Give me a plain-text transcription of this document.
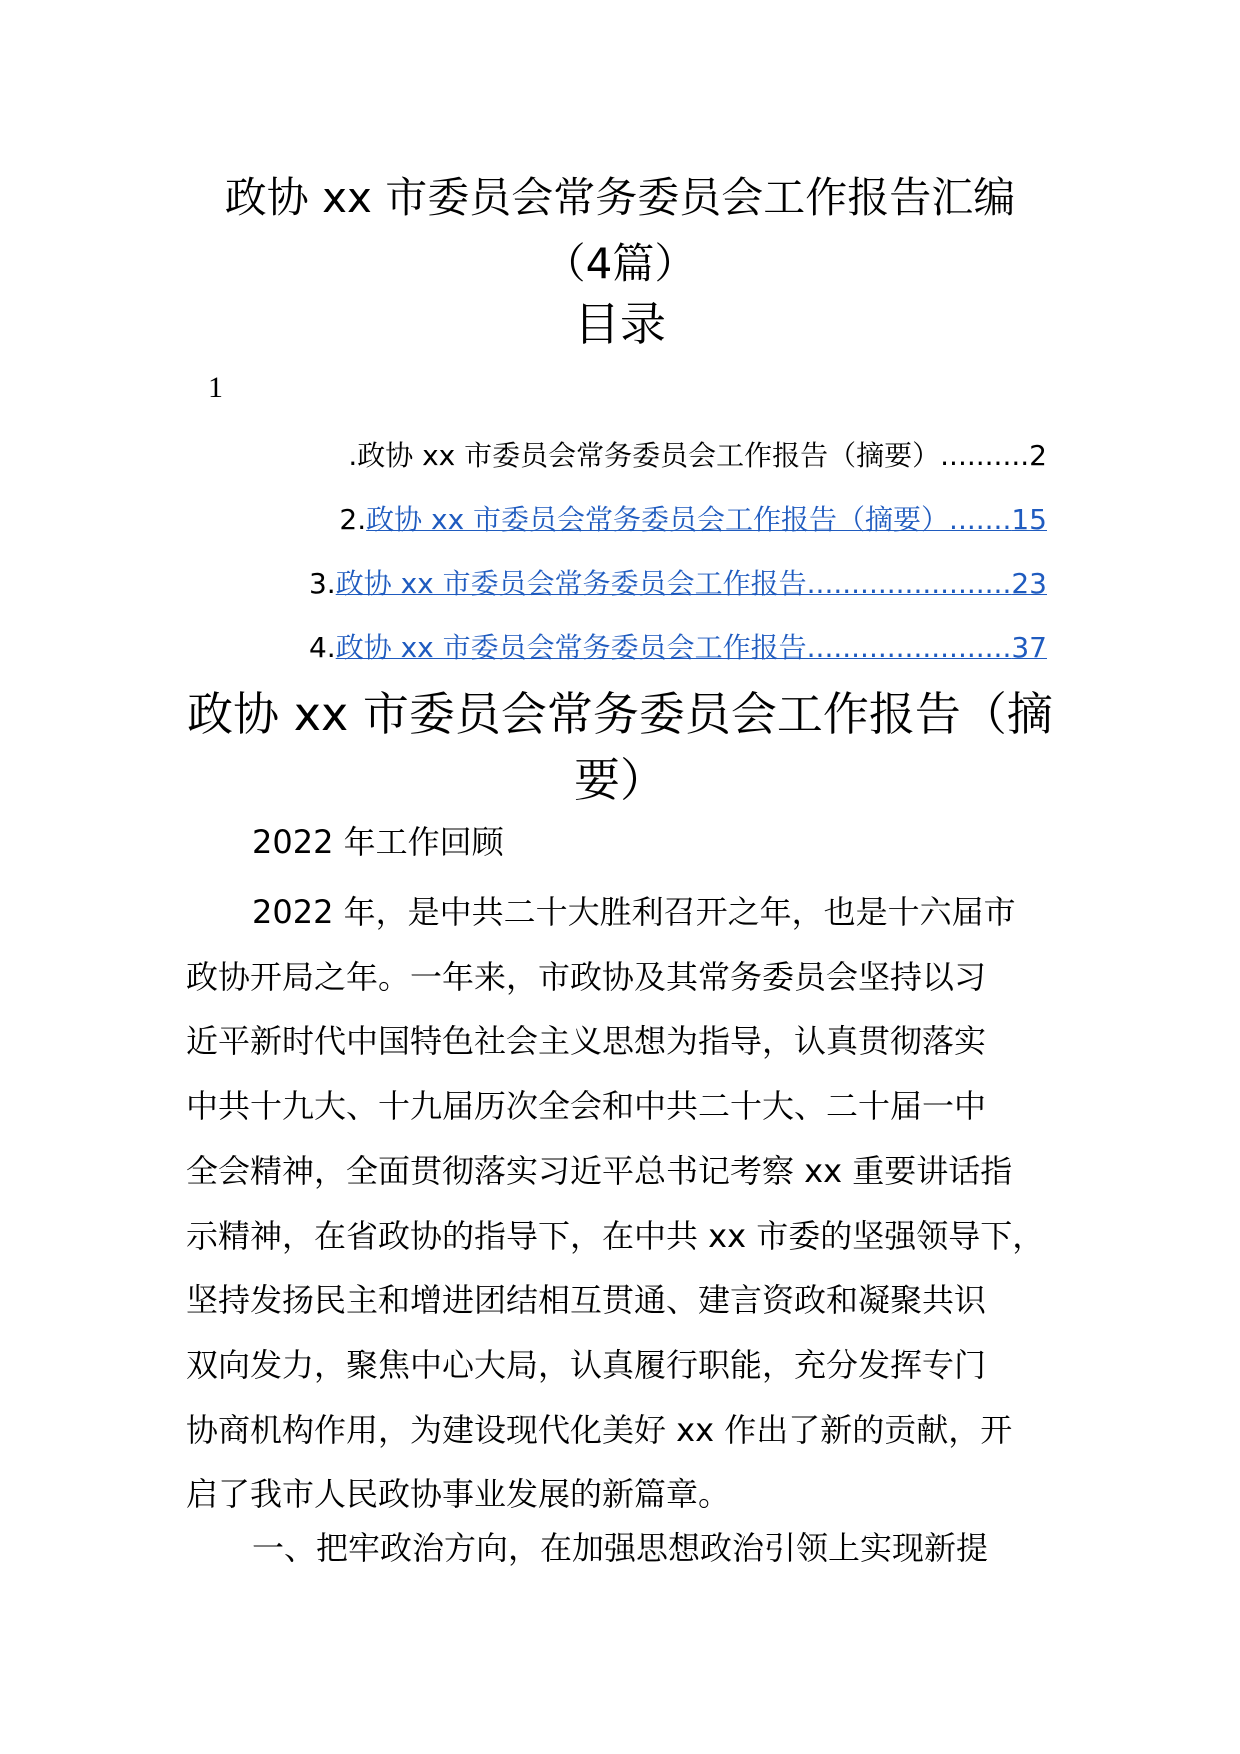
政协 xx 市委员会常务委员会工作报告汇编
（4篇）
目录
1
.政协 xx 市委员会常务委员会工作报告（摘要）..........2
2.政协 xx 市委员会常务委员会工作报告（摘要）.......15
3.政协 xx 市委员会常务委员会工作报告.......................23
4.政协 xx 市委员会常务委员会工作报告.......................37
政协 xx 市委员会常务委员会工作报告（摘
要）
2022 年工作回顾
2022 年，是中共二十大胜利召开之年，也是十六届市
政协开局之年。一年来，市政协及其常务委员会坚持以习
近平新时代中国特色社会主义思想为指导，认真贯彻落实
中共十九大、十九届历次全会和中共二十大、二十届一中
全会精神，全面贯彻落实习近平总书记考察 xx 重要讲话指
示精神，在省政协的指导下，在中共 xx 市委的坚强领导下，
坚持发扬民主和增进团结相互贯通、建言资政和凝聚共识
双向发力，聚焦中心大局，认真履行职能，充分发挥专门
协商机构作用，为建设现代化美好 xx 作出了新的贡献，开
启了我市人民政协事业发展的新篇章。
一、把牢政治方向，在加强思想政治引领上实现新提
